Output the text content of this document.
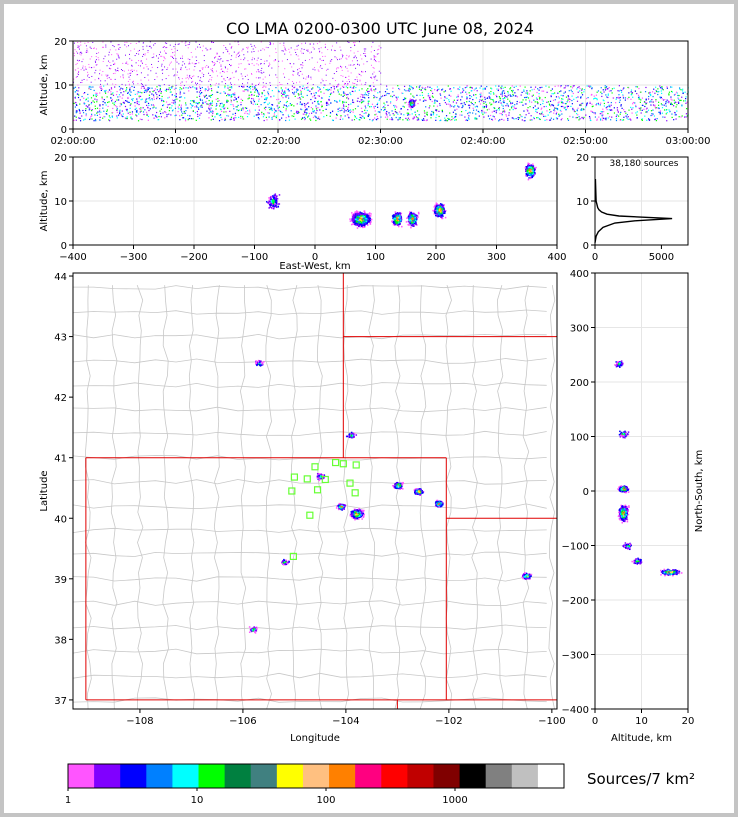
CO LMA 0200-0300 UTC June 08, 2024
02:00:00	02:10:00	02:20:00	02:30:00	02:40:00	02:50:00	03:00:00
0
10
20
Altitude, km
−400	−300	−200	−100	0	100	200	300	400
0
10
20
East-West, km
Altitude, km
0	5000
0
10
20
−108	−106	−104	−102	−100
37
38
39
40
41
42
43
44
Longitude
Latitude
0	10	20
−400
−300
−200
−100
0
100
200
300
400
Altitude, km
North-South, km
1	10	100	1000
38,180 sources
Sources/7 km²
